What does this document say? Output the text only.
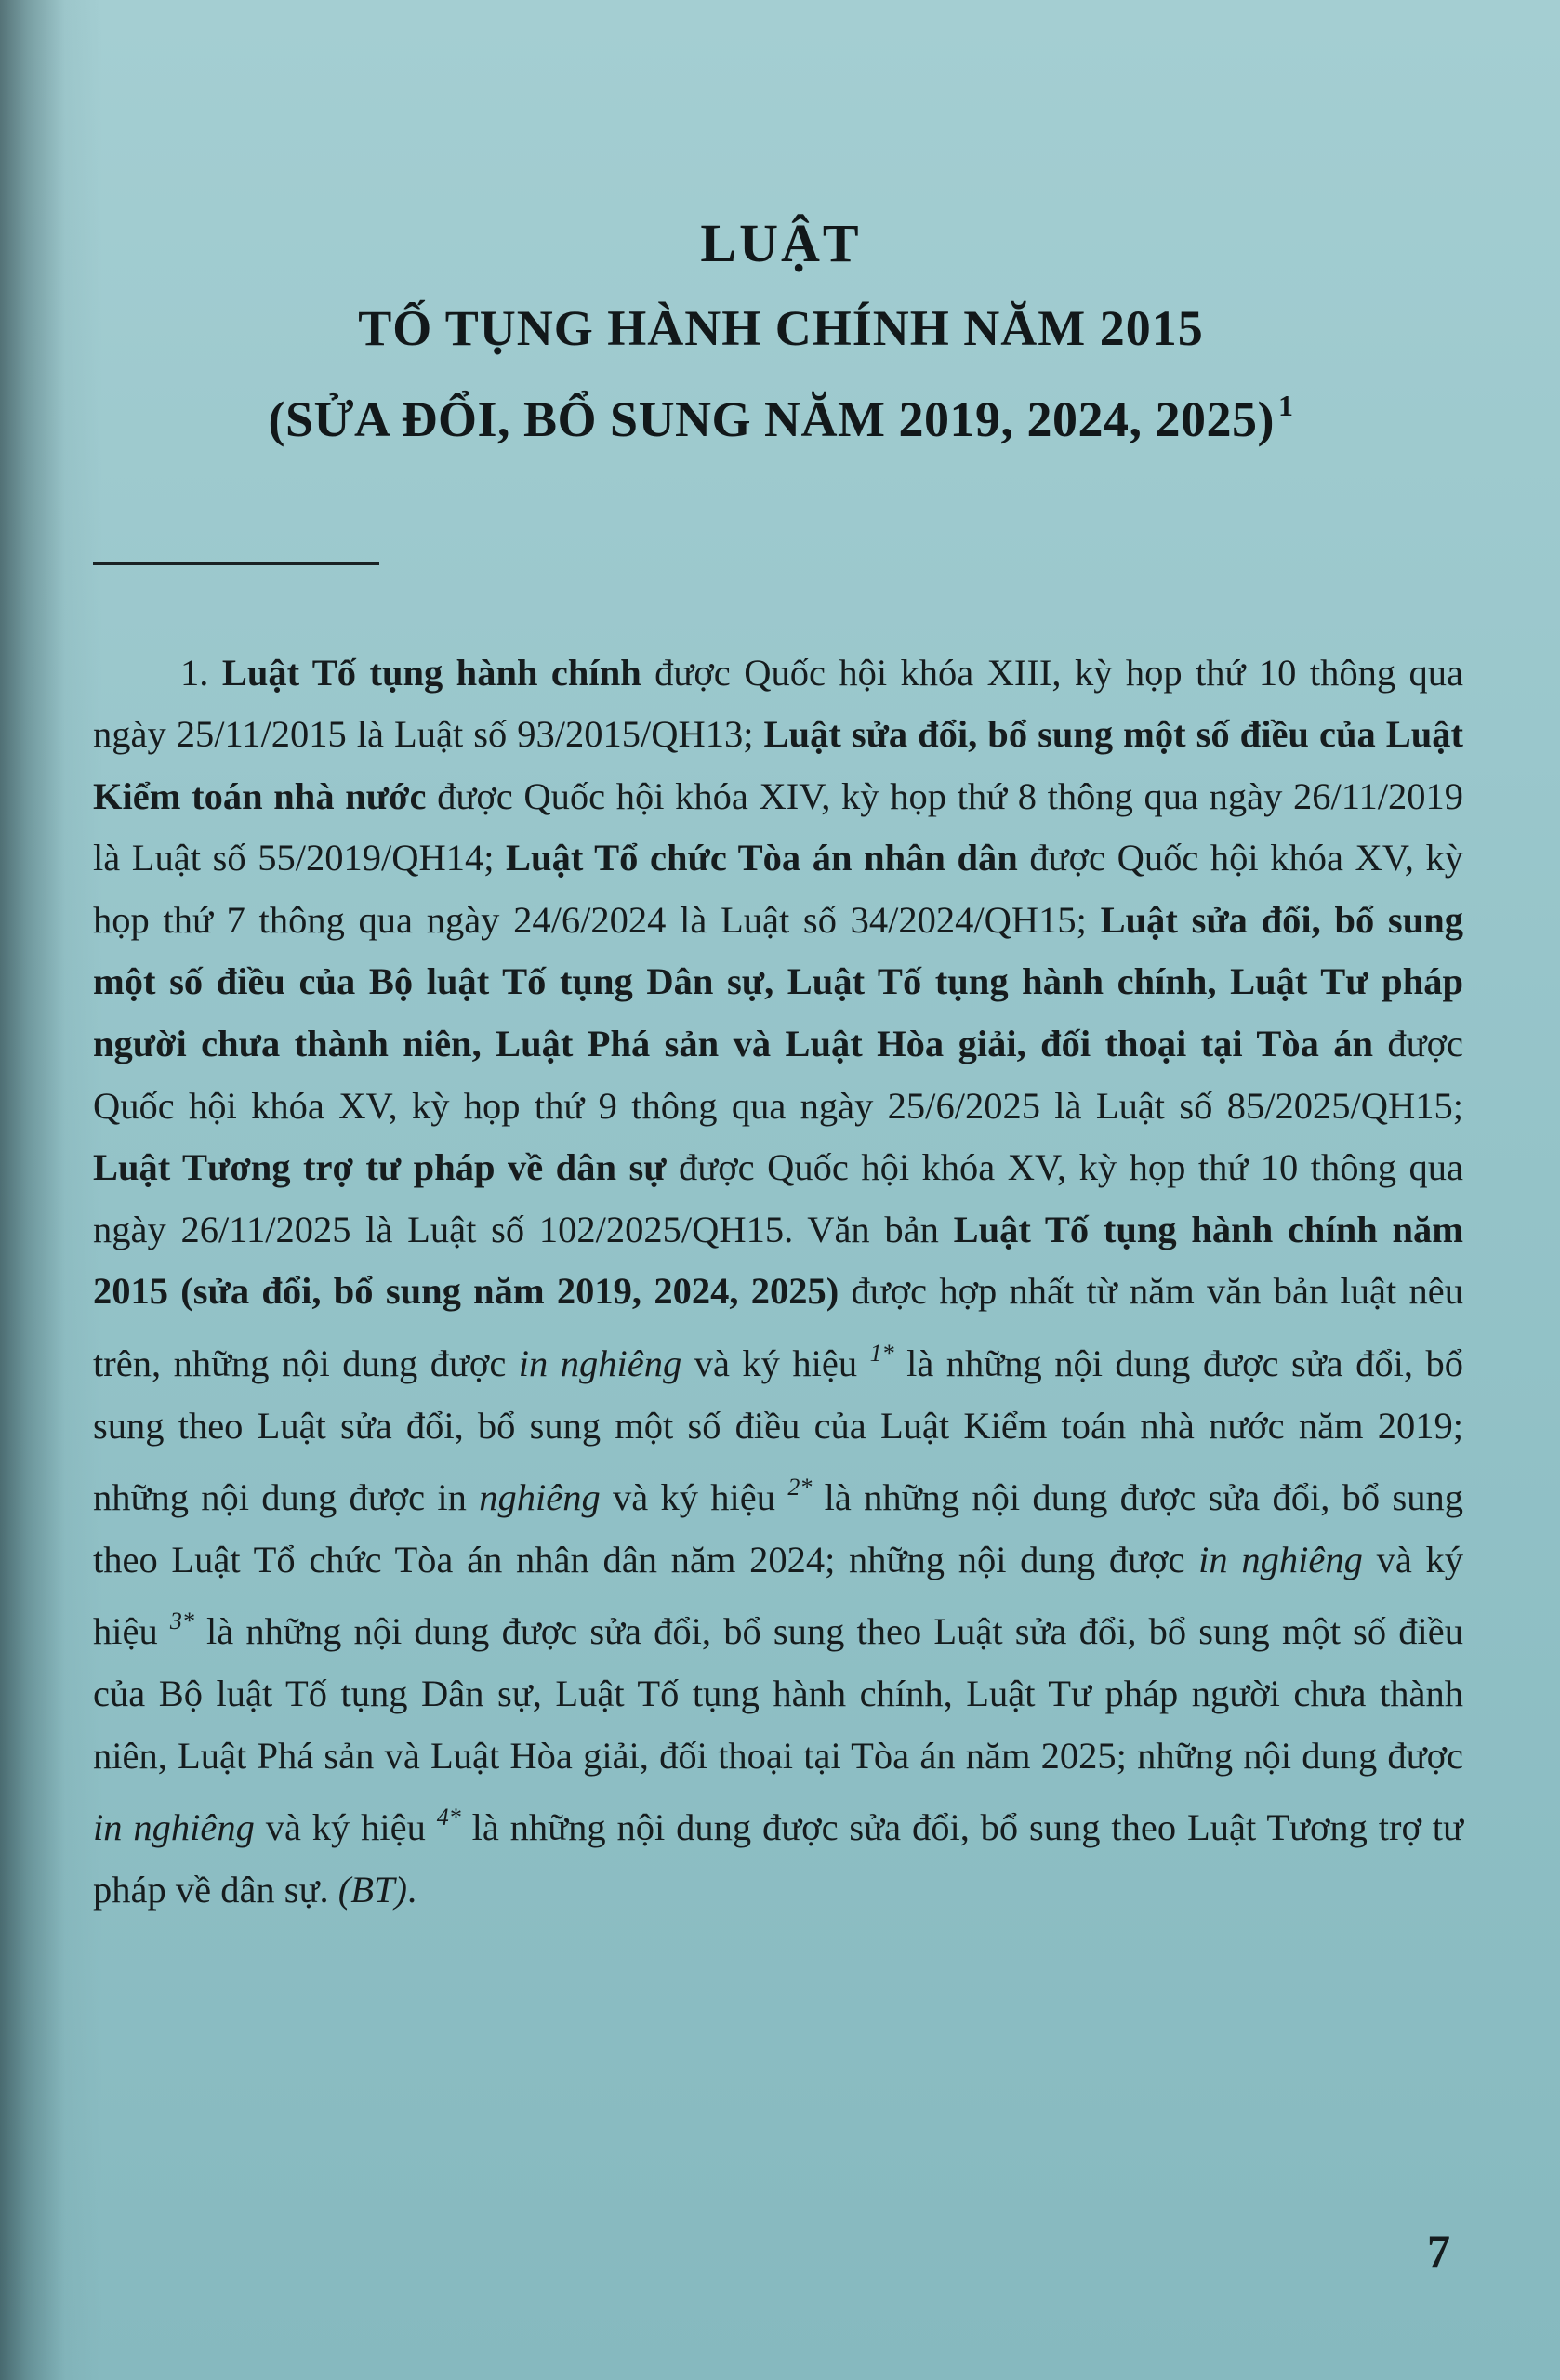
LUẬT
TỐ TỤNG HÀNH CHÍNH NĂM 2015
(SỬA ĐỔI, BỔ SUNG NĂM 2019, 2024, 2025) $^1$

1. Luật Tố tụng hành chính được Quốc hội khóa XIII, kỳ họp thứ 10 thông qua ngày 25/11/2015 là Luật số 93/2015/QH13; Luật sửa đổi, bổ sung một số điều của Luật Kiểm toán nhà nước được Quốc hội khóa XIV, kỳ họp thứ 8 thông qua ngày 26/11/2019 là Luật số 55/2019/QH14; Luật Tổ chức Tòa án nhân dân được Quốc hội khóa XV, kỳ họp thứ 7 thông qua ngày 24/6/2024 là Luật số 34/2024/QH15; Luật sửa đổi, bổ sung một số điều của Bộ luật Tố tụng Dân sự, Luật Tố tụng hành chính, Luật Tư pháp người chưa thành niên, Luật Phá sản và Luật Hòa giải, đối thoại tại Tòa án được Quốc hội khóa XV, kỳ họp thứ 9 thông qua ngày 25/6/2025 là Luật số 85/2025/QH15; Luật Tương trợ tư pháp về dân sự được Quốc hội khóa XV, kỳ họp thứ 10 thông qua ngày 26/11/2025 là Luật số 102/2025/QH15. Văn bản Luật Tố tụng hành chính năm 2015 (sửa đổi, bổ sung năm 2019, 2024, 2025) được hợp nhất từ năm văn bản luật nêu trên, những nội dung được in nghiêng và ký hiệu $^{1*}$ là những nội dung được sửa đổi, bổ sung theo Luật sửa đổi, bổ sung một số điều của Luật Kiểm toán nhà nước năm 2019; những nội dung được in nghiêng và ký hiệu $^{2*}$ là những nội dung được sửa đổi, bổ sung theo Luật Tổ chức Tòa án nhân dân năm 2024; những nội dung được in nghiêng và ký hiệu $^{3*}$ là những nội dung được sửa đổi, bổ sung theo Luật sửa đổi, bổ sung một số điều của Bộ luật Tố tụng Dân sự, Luật Tố tụng hành chính, Luật Tư pháp người chưa thành niên, Luật Phá sản và Luật Hòa giải, đối thoại tại Tòa án năm 2025; những nội dung được in nghiêng và ký hiệu $^{4*}$ là những nội dung được sửa đổi, bổ sung theo Luật Tương trợ tư pháp về dân sự. (BT).

7
